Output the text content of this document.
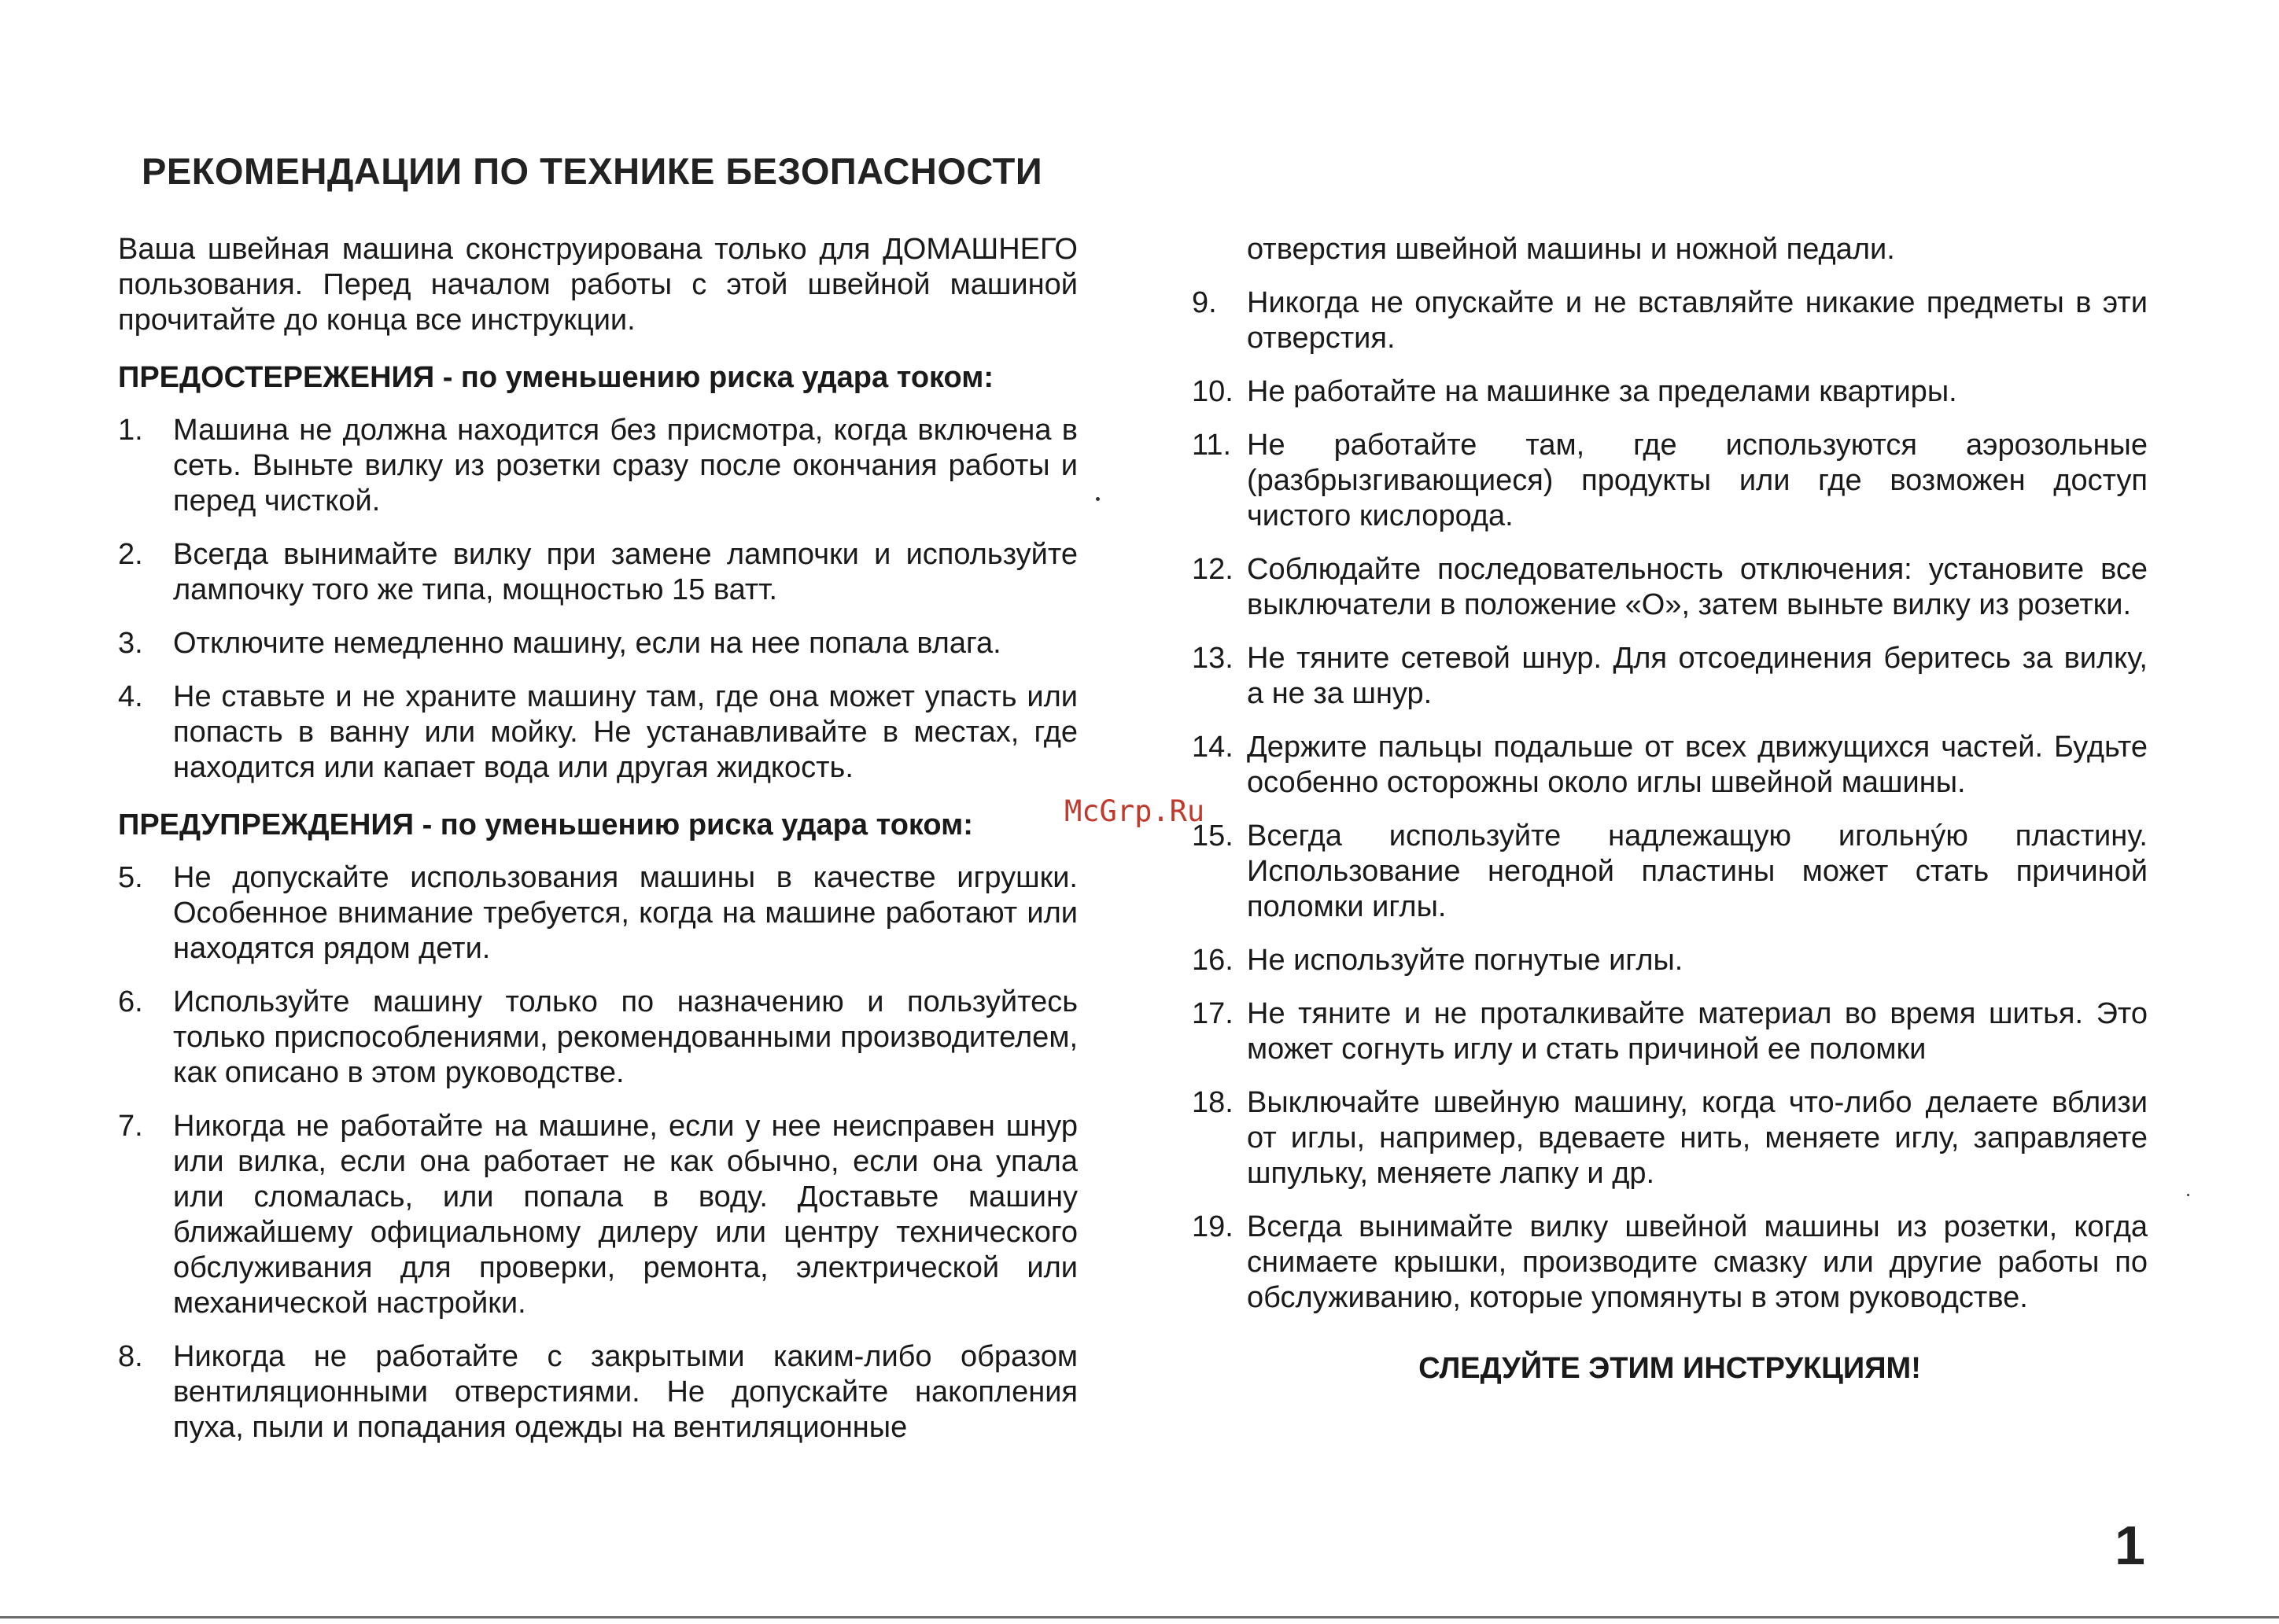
РЕКОМЕНДАЦИИ ПО ТЕХНИКЕ БЕЗОПАСНОСТИ

Ваша швейная машина сконструирована только для ДОМАШНЕГО пользования. Перед началом работы с этой швейной машиной прочитайте до конца все инструкции.

ПРЕДОСТЕРЕЖЕНИЯ - по уменьшению риска удара током:
1.	Машина не должна находится без присмотра, когда включена в сеть. Выньте вилку из розетки сразу после окончания работы и перед чисткой.
2.	Всегда вынимайте вилку при замене лампочки и используйте лампочку того же типа, мощностью 15 ватт.
3.	Отключите немедленно машину, если на нее попала влага.
4.	Не ставьте и не храните машину там, где она может упасть или попасть в ванну или мойку. Не устанавливайте в местах, где находится или капает вода или другая жидкость.
ПРЕДУПРЕЖДЕНИЯ - по уменьшению риска удара током:
5.	Не допускайте использования машины в качестве игрушки. Особенное внимание требуется, когда на машине работают или находятся рядом дети.
6.	Используйте машину только по назначению и пользуйтесь только приспособлениями, рекомендованными производителем, как описано в этом руководстве.
7.	Никогда не работайте на машине, если у нее неисправен шнур или вилка, если она работает не как обычно, если она упала или сломалась, или попала в воду. Доставьте машину ближайшему официальному дилеру или центру технического обслуживания для проверки, ремонта, электрической или механической настройки.
8.	Никогда не работайте с закрытыми каким-либо образом вентиляционными отверстиями. Не допускайте накопления пуха, пыли и попадания одежды на вентиляционные
отверстия швейной машины и ножной педали.
9.	Никогда не опускайте и не вставляйте никакие предметы в эти отверстия.
10. Не работайте на машинке за пределами квартиры.
11. Не работайте там, где используются аэрозольные (разбрызгивающиеся) продукты или где возможен доступ чистого кислорода.
12. Соблюдайте последовательность отключения: установите все выключатели в положение «О», затем выньте вилку из розетки.
13. Не тяните сетевой шнур. Для отсоединения беритесь за вилку, а не за шнур.
14. Держите пальцы подальше от всех движущихся частей. Будьте особенно осторожны около иглы швейной машины.
15. Всегда используйте надлежащую игольнýю пластину. Использование негодной пластины может стать причиной поломки иглы.
16. Не используйте погнутые иглы.
17. Не тяните и не проталкивайте материал во время шитья. Это может согнуть иглу и стать причиной ее поломки
18. Выключайте швейную машину, когда что-либо делаете вблизи от иглы, например, вдеваете нить, меняете иглу, заправляете шпульку, меняете лапку и др.
19. Всегда вынимайте вилку швейной машины из розетки, когда снимаете крышки, производите смазку или другие работы по обслуживанию, которые упомянуты в этом руководстве.
СЛЕДУЙТЕ ЭТИМ ИНСТРУКЦИЯМ!
McGrp.Ru
1
